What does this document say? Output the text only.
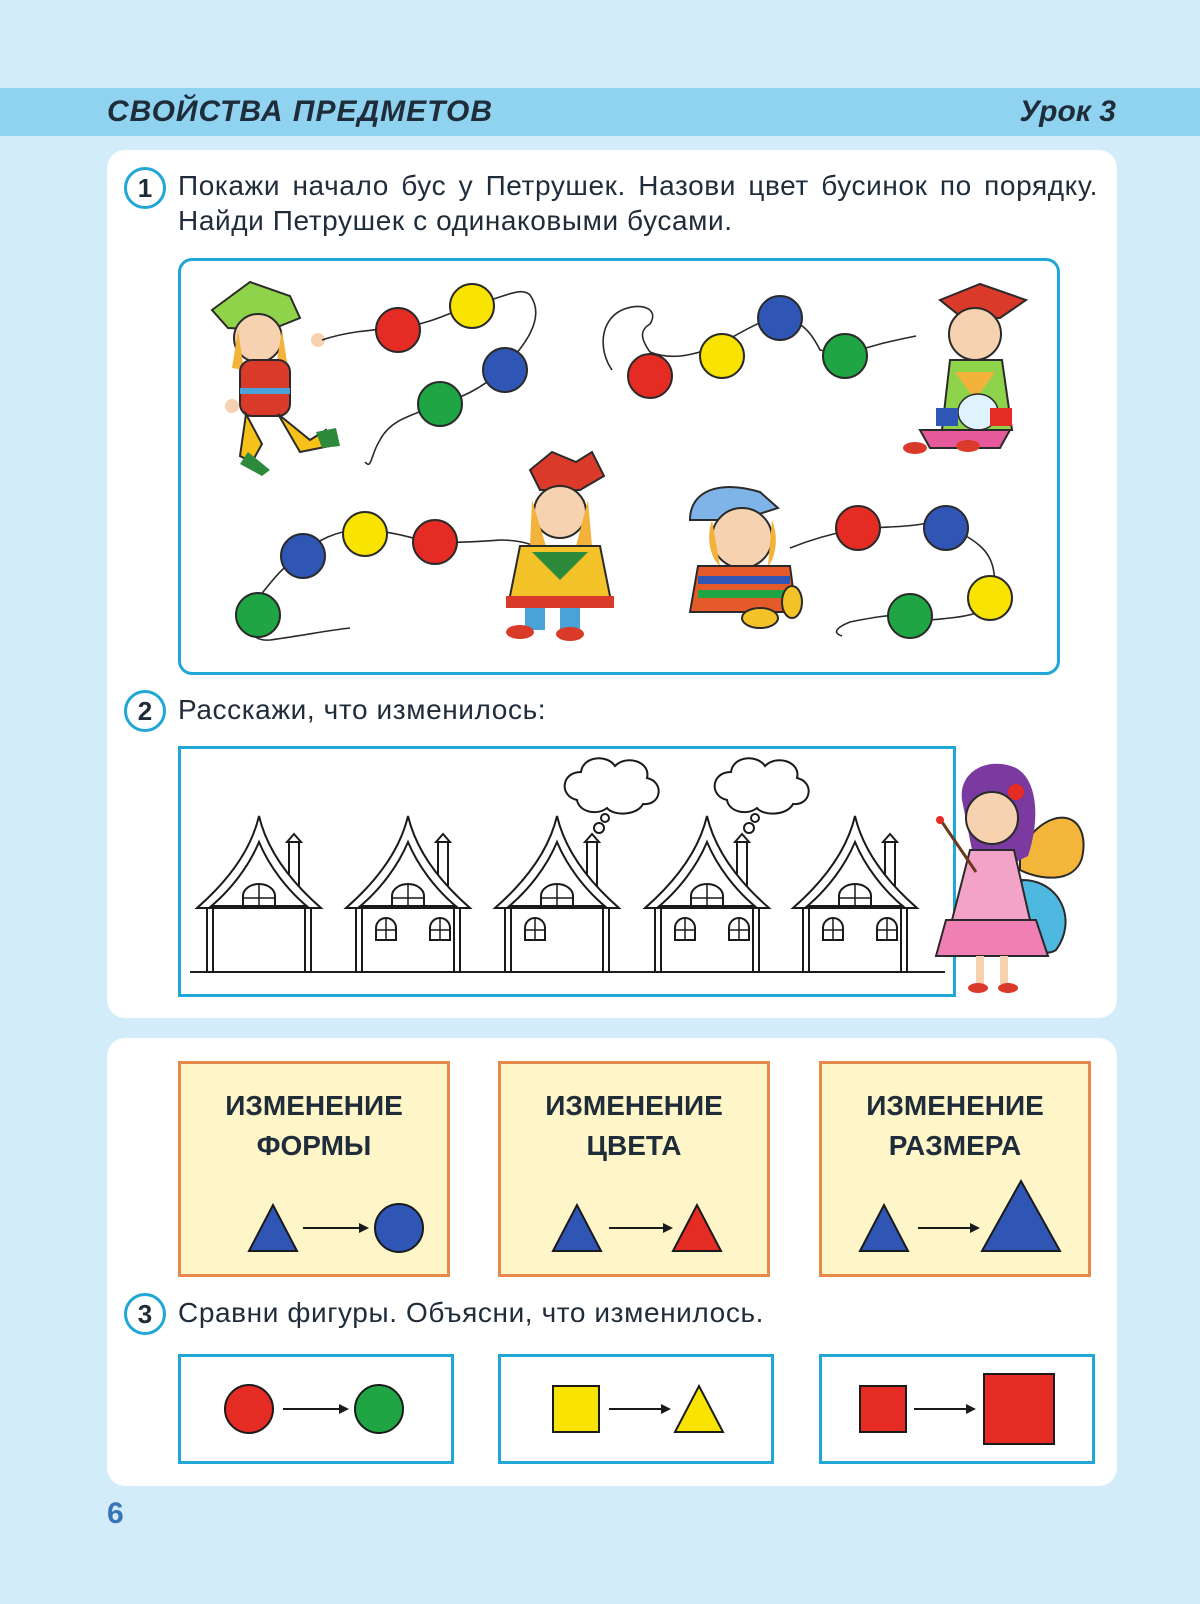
СВОЙСТВА ПРЕДМЕТОВ	Урок 3
1 Покажи начало бус у Петрушек. Назови цвет бусинок по порядку. Найди Петрушек с одинаковыми бусами.
2 Расскажи, что изменилось:
ИЗМЕНЕНИЕ
ФОРМЫ
ИЗМЕНЕНИЕ
ЦВЕТА
ИЗМЕНЕНИЕ
РАЗМЕРА
3 Сравни фигуры. Объясни, что изменилось.
6
